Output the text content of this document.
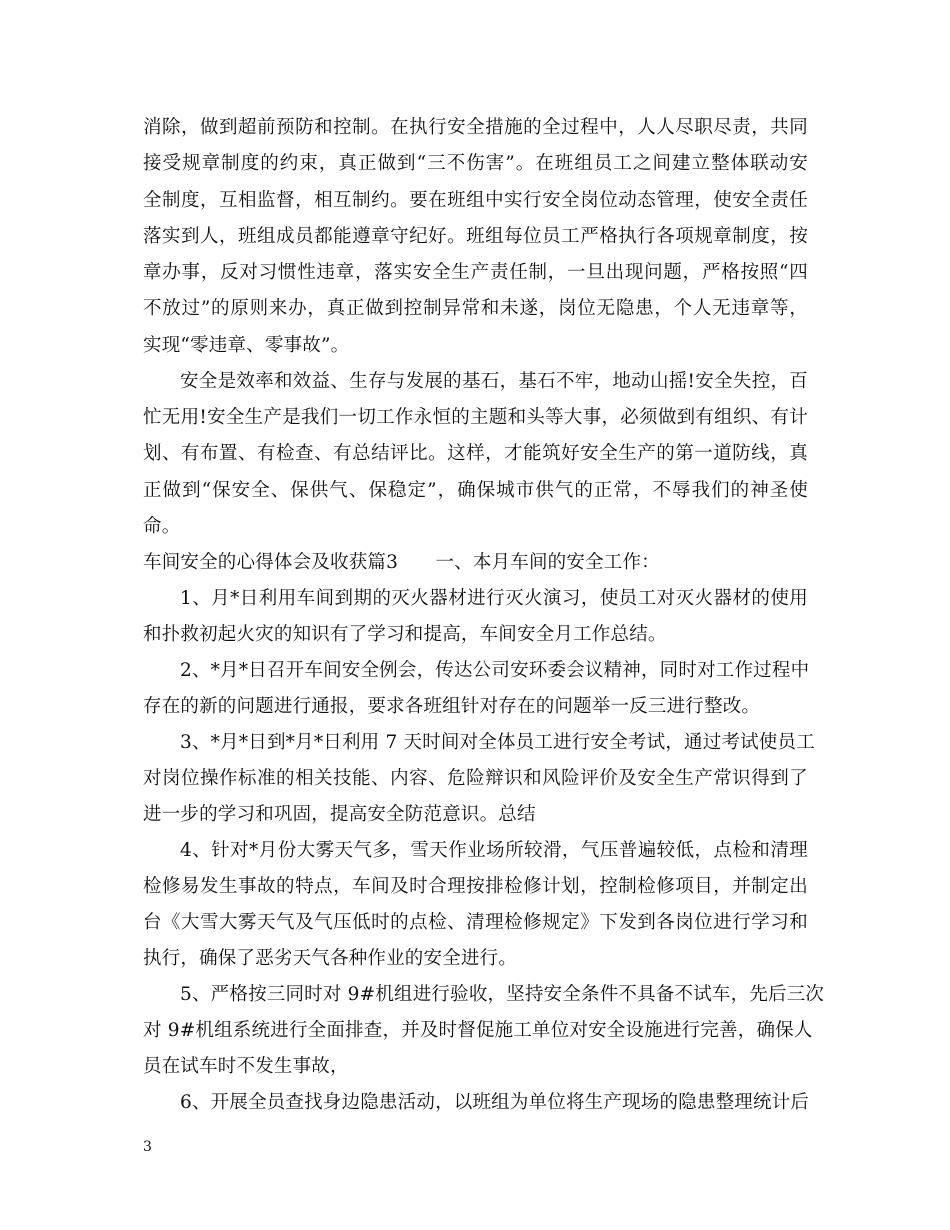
消除，做到超前预防和控制。在执行安全措施的全过程中，人人尽职尽责，共同
接受规章制度的约束，真正做到“三不伤害”。在班组员工之间建立整体联动安
全制度，互相监督，相互制约。要在班组中实行安全岗位动态管理，使安全责任
落实到人，班组成员都能遵章守纪好。班组每位员工严格执行各项规章制度，按
章办事，反对习惯性违章，落实安全生产责任制，一旦出现问题，严格按照“四
不放过”的原则来办，真正做到控制异常和未遂，岗位无隐患，个人无违章等，
实现“零违章、零事故”。
安全是效率和效益、生存与发展的基石，基石不牢，地动山摇!安全失控，百
忙无用!安全生产是我们一切工作永恒的主题和头等大事，必须做到有组织、有计
划、有布置、有检查、有总结评比。这样，才能筑好安全生产的第一道防线，真
正做到“保安全、保供气、保稳定”，确保城市供气的正常，不辱我们的神圣使
命。
车间安全的心得体会及收获篇3　　一、本月车间的安全工作：
1、月*日利用车间到期的灭火器材进行灭火演习，使员工对灭火器材的使用
和扑救初起火灾的知识有了学习和提高，车间安全月工作总结。
2、*月*日召开车间安全例会，传达公司安环委会议精神，同时对工作过程中
存在的新的问题进行通报，要求各班组针对存在的问题举一反三进行整改。
3、*月*日到*月*日利用 7 天时间对全体员工进行安全考试，通过考试使员工
对岗位操作标准的相关技能、内容、危险辩识和风险评价及安全生产常识得到了
进一步的学习和巩固，提高安全防范意识。总结
4、针对*月份大雾天气多，雪天作业场所较滑，气压普遍较低，点检和清理
检修易发生事故的特点，车间及时合理按排检修计划，控制检修项目，并制定出
台《大雪大雾天气及气压低时的点检、清理检修规定》下发到各岗位进行学习和
执行，确保了恶劣天气各种作业的安全进行。
5、严格按三同时对 9#机组进行验收，坚持安全条件不具备不试车，先后三次
对 9#机组系统进行全面排查，并及时督促施工单位对安全设施进行完善，确保人
员在试车时不发生事故，
6、开展全员查找身边隐患活动，以班组为单位将生产现场的隐患整理统计后
3
